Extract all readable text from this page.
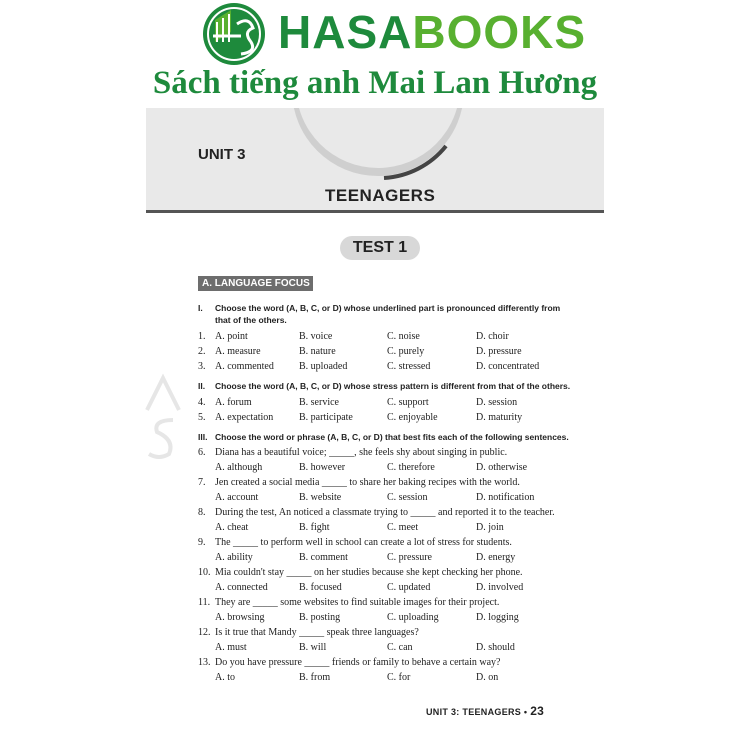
HASABOOKS
Sách tiếng anh Mai Lan Hương
UNIT 3
TEENAGERS
TEST 1
A. LANGUAGE FOCUS
I. Choose the word (A, B, C, or D) whose underlined part is pronounced differently from that of the others.
1. A. point	B. voice	C. noise	D. choir
2. A. measure	B. nature	C. purely	D. pressure
3. A. commented	B. uploaded	C. stressed	D. concentrated
II. Choose the word (A, B, C, or D) whose stress pattern is different from that of the others.
4. A. forum	B. service	C. support	D. session
5. A. expectation	B. participate	C. enjoyable	D. maturity
III. Choose the word or phrase (A, B, C, or D) that best fits each of the following sentences.
6. Diana has a beautiful voice; _____, she feels shy about singing in public.
A. although	B. however	C. therefore	D. otherwise
7. Jen created a social media _____ to share her baking recipes with the world.
A. account	B. website	C. session	D. notification
8. During the test, An noticed a classmate trying to _____ and reported it to the teacher.
A. cheat	B. fight	C. meet	D. join
9. The _____ to perform well in school can create a lot of stress for students.
A. ability	B. comment	C. pressure	D. energy
10. Mia couldn't stay _____ on her studies because she kept checking her phone.
A. connected	B. focused	C. updated	D. involved
11. They are _____ some websites to find suitable images for their project.
A. browsing	B. posting	C. uploading	D. logging
12. Is it true that Mandy _____ speak three languages?
A. must	B. will	C. can	D. should
13. Do you have pressure _____ friends or family to behave a certain way?
A. to	B. from	C. for	D. on
UNIT 3: TEENAGERS • 23
